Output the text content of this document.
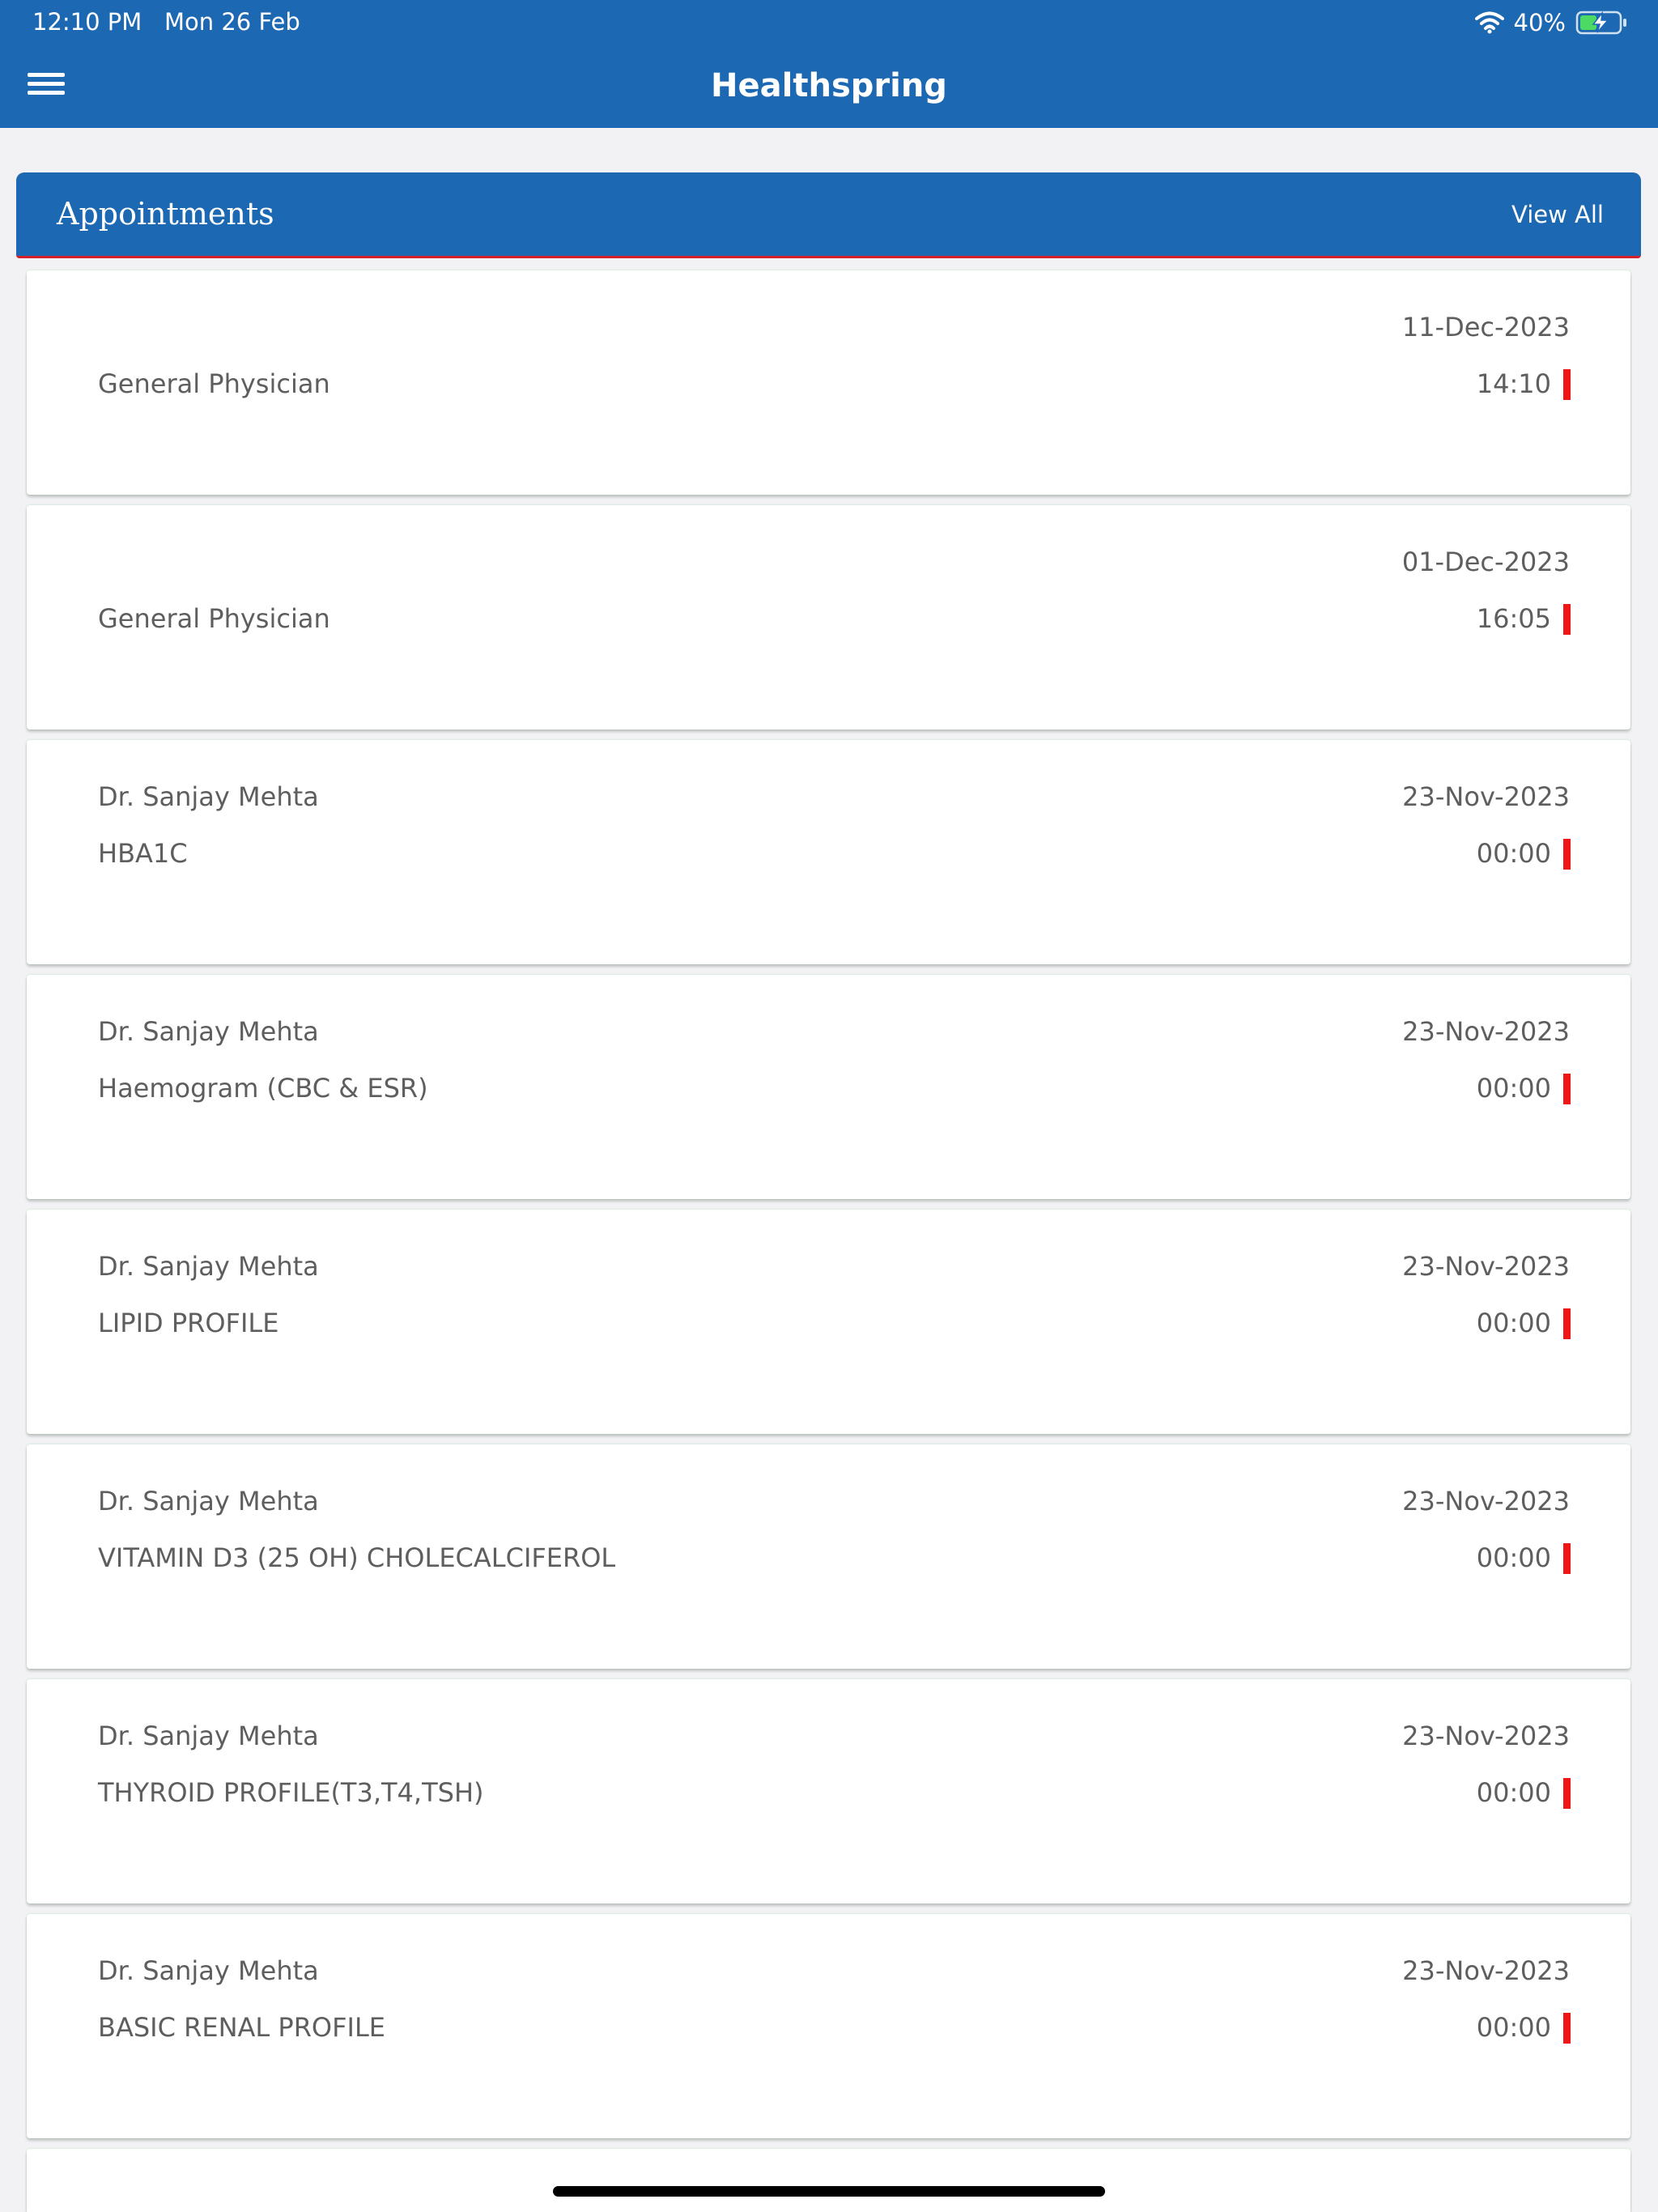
12:10 PM Mon 26 Feb	40%
Healthspring
Appointments	View All
General Physician
11-Dec-2023
14:10
General Physician
01-Dec-2023
16:05
Dr. Sanjay Mehta
HBA1C
23-Nov-2023
00:00
Dr. Sanjay Mehta
Haemogram (CBC & ESR)
23-Nov-2023
00:00
Dr. Sanjay Mehta
LIPID PROFILE
23-Nov-2023
00:00
Dr. Sanjay Mehta
VITAMIN D3 (25 OH) CHOLECALCIFEROL
23-Nov-2023
00:00
Dr. Sanjay Mehta
THYROID PROFILE(T3,T4,TSH)
23-Nov-2023
00:00
Dr. Sanjay Mehta
BASIC RENAL PROFILE
23-Nov-2023
00:00
